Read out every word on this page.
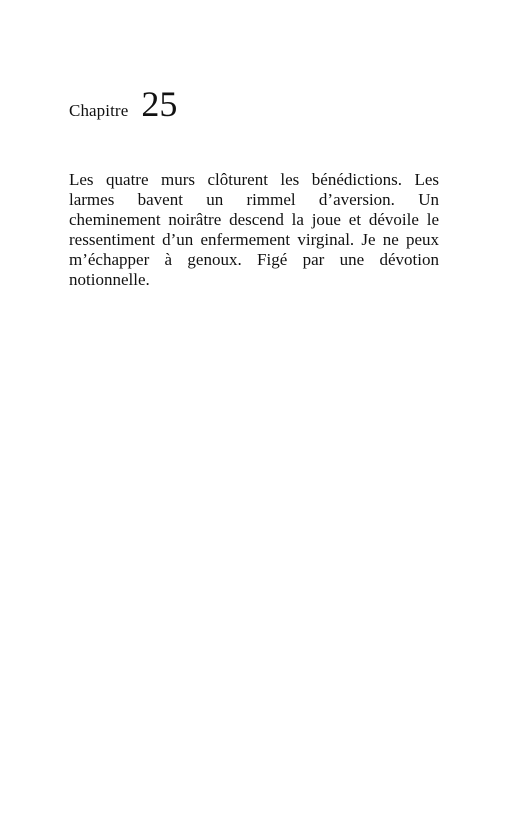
Chapitre 25

Les quatre murs clôturent les bénédictions. Les larmes bavent un rimmel d’aversion. Un cheminement noirâtre descend la joue et dévoile le ressentiment d’un enfermement virginal. Je ne peux m’échapper à genoux. Figé par une dévotion notionnelle.
